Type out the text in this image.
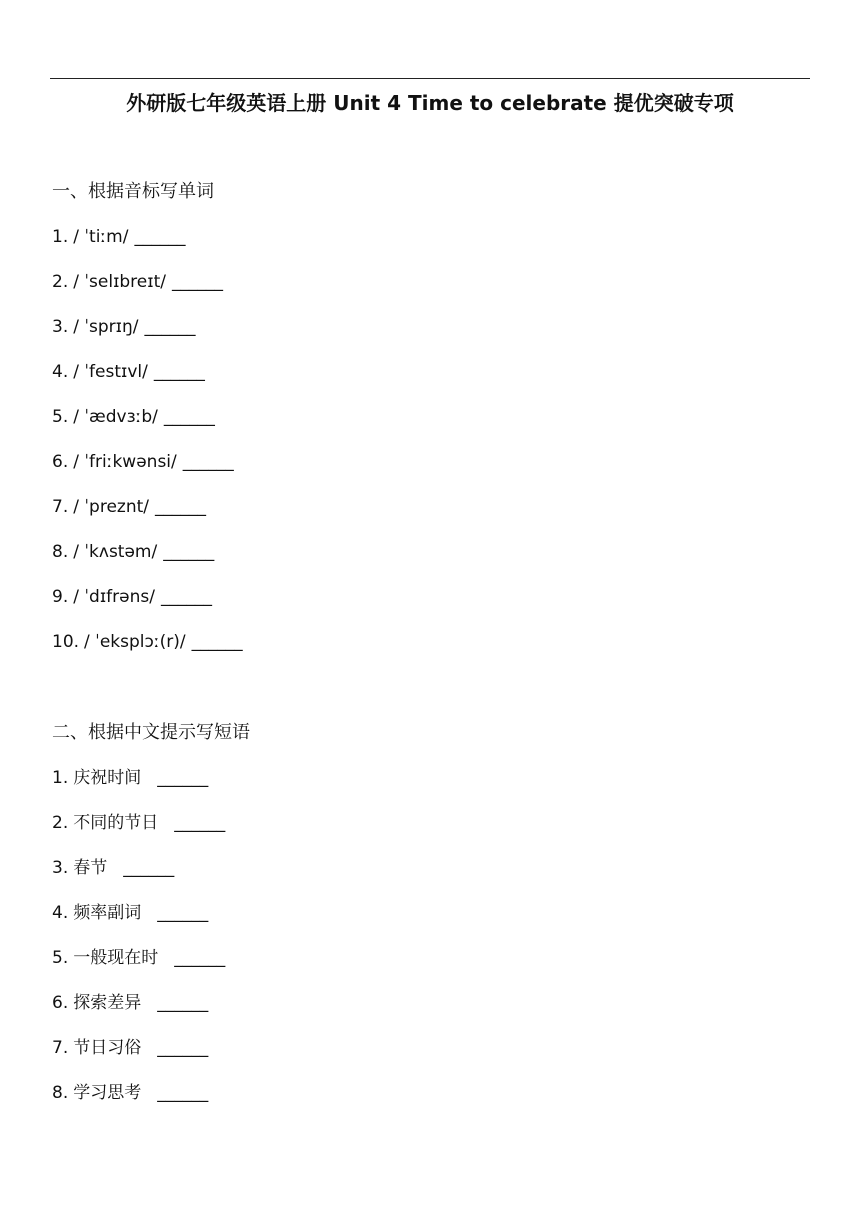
外研版七年级英语上册 Unit 4 Time to celebrate 提优突破专项
一、根据音标写单词
1. / ˈtiːm/ ______
2. / ˈselɪbreɪt/ ______
3. / ˈsprɪŋ/ ______
4. / ˈfestɪvl/ ______
5. / ˈædvɜːb/ ______
6. / ˈfriːkwənsi/ ______
7. / ˈpreznt/ ______
8. / ˈkʌstəm/ ______
9. / ˈdɪfrəns/ ______
10. / ˈeksplɔː(r)/ ______
二、根据中文提示写短语
1. 庆祝时间 ______
2. 不同的节日 ______
3. 春节 ______
4. 频率副词 ______
5. 一般现在时 ______
6. 探索差异 ______
7. 节日习俗 ______
8. 学习思考 ______
